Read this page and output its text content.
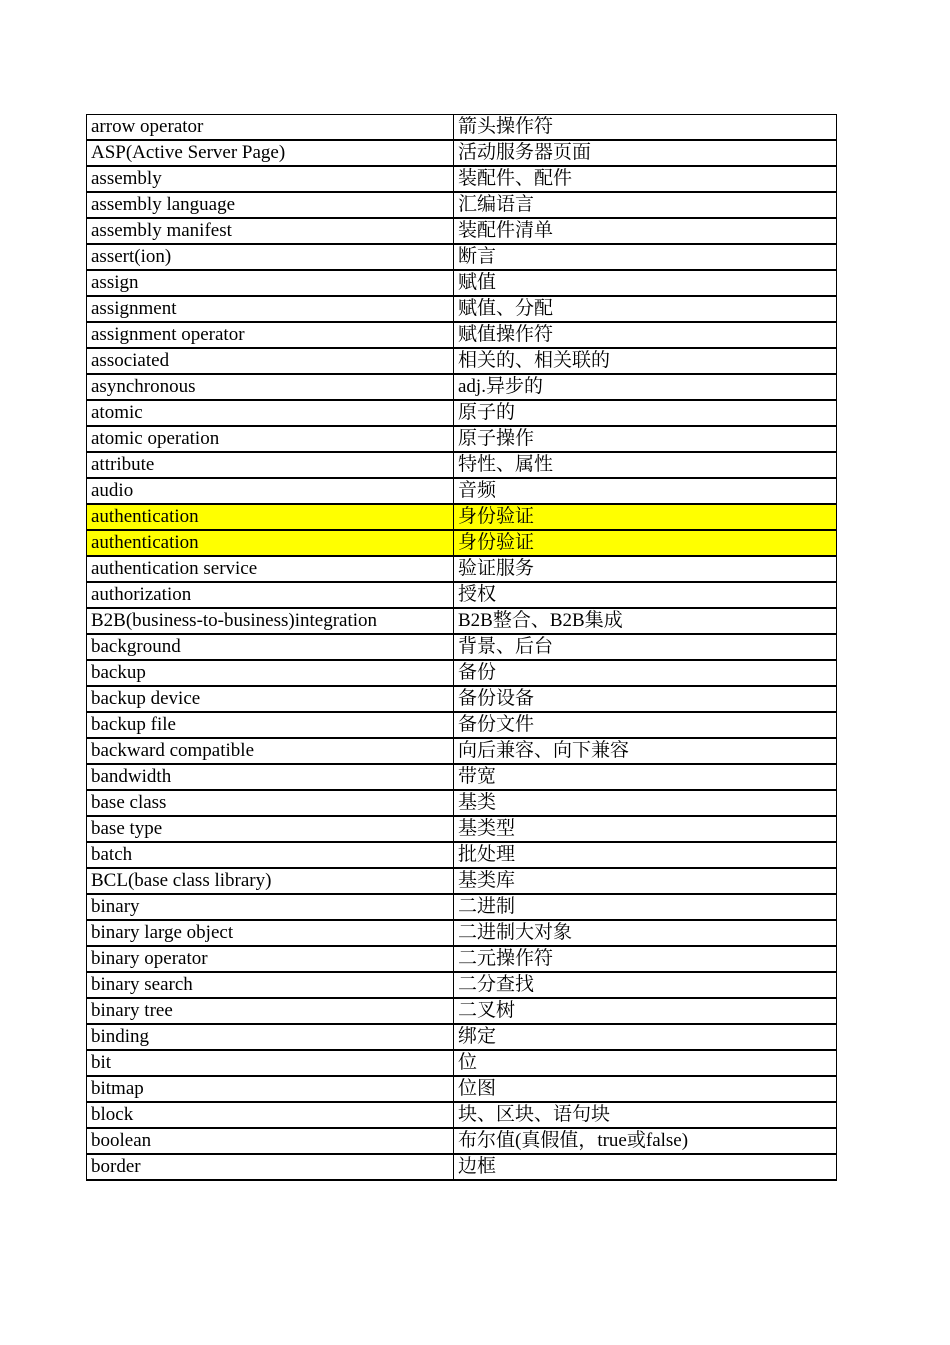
arrow operator	箭头操作符
ASP(Active Server Page)	活动服务器页面
assembly	装配件、配件
assembly language	汇编语言
assembly manifest	装配件清单
assert(ion)	断言
assign	赋值
assignment	赋值、分配
assignment operator	赋值操作符
associated	相关的、相关联的
asynchronous	adj.异步的
atomic	原子的
atomic operation	原子操作
attribute	特性、属性
audio	音频
authentication	身份验证
authentication	身份验证
authentication service	验证服务
authorization	授权
B2B(business-to-business)integration	B2B整合、B2B集成
background	背景、后台
backup	备份
backup device	备份设备
backup file	备份文件
backward compatible	向后兼容、向下兼容
bandwidth	带宽
base class	基类
base type	基类型
batch	批处理
BCL(base class library)	基类库
binary	二进制
binary large object	二进制大对象
binary operator	二元操作符
binary search	二分查找
binary tree	二叉树
binding	绑定
bit	位
bitmap	位图
block	块、区块、语句块
boolean	布尔值(真假值，true或false)
border	边框
